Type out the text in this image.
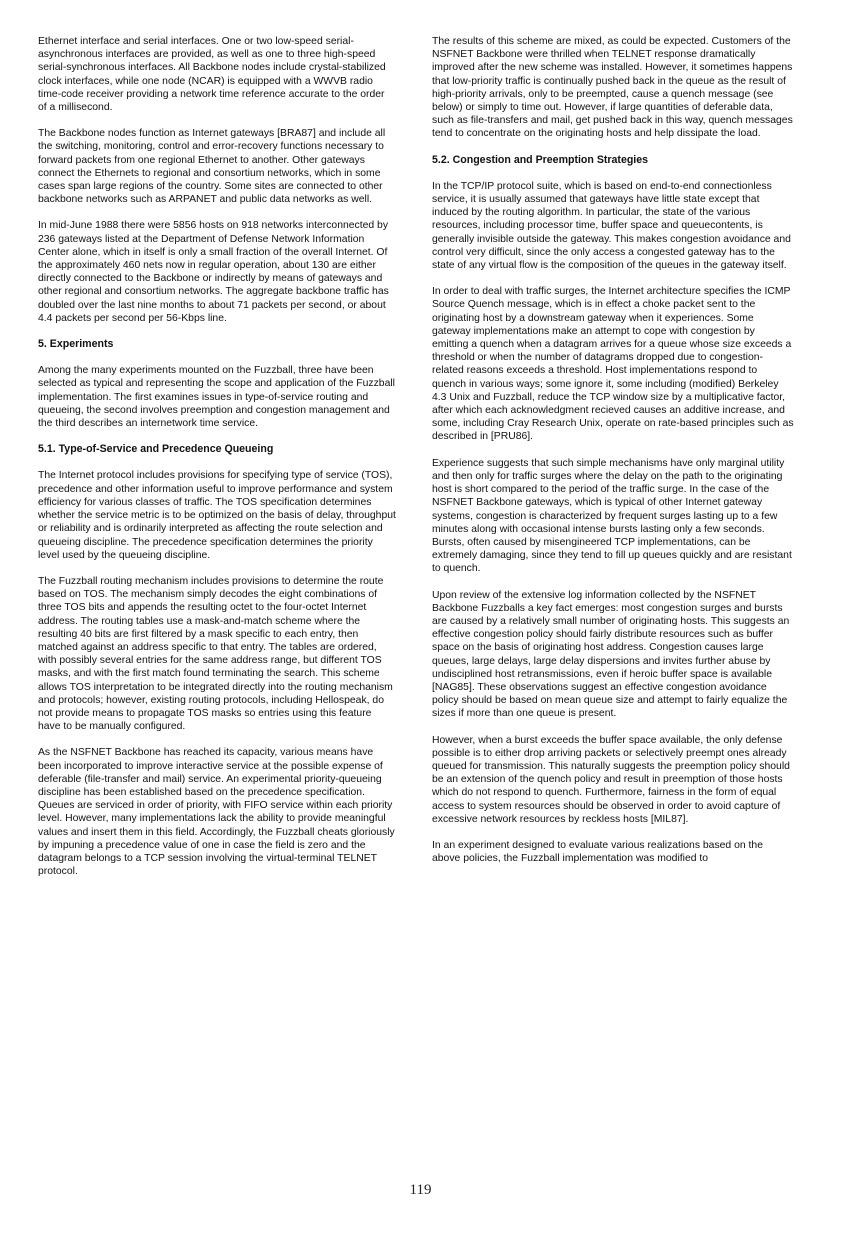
Ethernet interface and serial interfaces. One or two low-speed serial-asynchronous interfaces are provided, as well as one to three high-speed serial-synchronous interfaces. All Backbone nodes include crystal-stabilized clock interfaces, while one node (NCAR) is equipped with a WWVB radio time-code receiver providing a network time reference accurate to the order of a millisecond.

The Backbone nodes function as Internet gateways [BRA87] and include all the switching, monitoring, control and error-recovery functions necessary to forward packets from one regional Ethernet to another. Other gateways connect the Ethernets to regional and consortium networks, which in some cases span large regions of the country. Some sites are connected to other backbone networks such as ARPANET and public data networks as well.

In mid-June 1988 there were 5856 hosts on 918 networks interconnected by 236 gateways listed at the Department of Defense Network Information Center alone, which in itself is only a small fraction of the overall Internet. Of the approximately 460 nets now in regular operation, about 130 are either directly connected to the Backbone or indirectly by means of gateways and other regional and consortium networks. The aggregate backbone traffic has doubled over the last nine months to about 71 packets per second, or about 4.4 packets per second per 56-Kbps line.

5. Experiments

Among the many experiments mounted on the Fuzzball, three have been selected as typical and representing the scope and application of the Fuzzball implementation. The first examines issues in type-of-service routing and queueing, the second involves preemption and congestion management and the third describes an internetwork time service.

5.1. Type-of-Service and Precedence Queueing

The Internet protocol includes provisions for specifying type of service (TOS), precedence and other information useful to improve performance and system efficiency for various classes of traffic. The TOS specification determines whether the service metric is to be optimized on the basis of delay, throughput or reliability and is ordinarily interpreted as affecting the route selection and queueing discipline. The precedence specification determines the priority level used by the queueing discipline.

The Fuzzball routing mechanism includes provisions to determine the route based on TOS. The mechanism simply decodes the eight combinations of three TOS bits and appends the resulting octet to the four-octet Internet address. The routing tables use a mask-and-match scheme where the resulting 40 bits are first filtered by a mask specific to each entry, then matched against an address specific to that entry. The tables are ordered, with possibly several entries for the same address range, but different TOS masks, and with the first match found terminating the search. This scheme allows TOS interpretation to be integrated directly into the routing mechanism and protocols; however, existing routing protocols, including Hellospeak, do not provide means to propagate TOS masks so entries using this feature have to be manually configured.

As the NSFNET Backbone has reached its capacity, various means have been incorporated to improve interactive service at the possible expense of deferable (file-transfer and mail) service. An experimental priority-queueing discipline has been established based on the precedence specification. Queues are serviced in order of priority, with FIFO service within each priority level. However, many implementations lack the ability to provide meaningful values and insert them in this field. Accordingly, the Fuzzball cheats gloriously by impuning a precedence value of one in case the field is zero and the datagram belongs to a TCP session involving the virtual-terminal TELNET protocol.

The results of this scheme are mixed, as could be expected. Customers of the NSFNET Backbone were thrilled when TELNET response dramatically improved after the new scheme was installed. However, it sometimes happens that low-priority traffic is continually pushed back in the queue as the result of high-priority arrivals, only to be preempted, cause a quench message (see below) or simply to time out. However, if large quantities of deferable data, such as file-transfers and mail, get pushed back in this way, quench messages tend to concentrate on the originating hosts and help dissipate the load.

5.2. Congestion and Preemption Strategies

In the TCP/IP protocol suite, which is based on end-to-end connectionless service, it is usually assumed that gateways have little state except that induced by the routing algorithm. In particular, the state of the various resources, including processor time, buffer space and queuecontents, is generally invisible outside the gateway. This makes congestion avoidance and control very difficult, since the only access a congested gateway has to the state of any virtual flow is the composition of the queues in the gateway itself.

In order to deal with traffic surges, the Internet architecture specifies the ICMP Source Quench message, which is in effect a choke packet sent to the originating host by a downstream gateway when it experiences. Some gateway implementations make an attempt to cope with congestion by emitting a quench when a datagram arrives for a queue whose size exceeds a threshold or when the number of datagrams dropped due to congestion-related reasons exceeds a threshold. Host implementations respond to quench in various ways; some ignore it, some including (modified) Berkeley 4.3 Unix and Fuzzball, reduce the TCP window size by a multiplicative factor, after which each acknowledgment recieved causes an additive increase, and some, including Cray Research Unix, operate on rate-based principles such as described in [PRU86].

Experience suggests that such simple mechanisms have only marginal utility and then only for traffic surges where the delay on the path to the originating host is short compared to the period of the traffic surge. In the case of the NSFNET Backbone gateways, which is typical of other Internet gateway systems, congestion is characterized by frequent surges lasting up to a few minutes along with occasional intense bursts lasting only a few seconds. Bursts, often caused by misengineered TCP implementations, can be extremely damaging, since they tend to fill up queues quickly and are resistant to quench.

Upon review of the extensive log information collected by the NSFNET Backbone Fuzzballs a key fact emerges: most congestion surges and bursts are caused by a relatively small number of originating hosts. This suggests an effective congestion policy should fairly distribute resources such as buffer space on the basis of originating host address. Congestion causes large queues, large delays, large delay dispersions and invites further abuse by undisciplined host retransmissions, even if heroic buffer space is available [NAG85]. These observations suggest an effective congestion avoidance policy should be based on mean queue size and attempt to fairly equalize the sizes if more than one queue is present.

However, when a burst exceeds the buffer space available, the only defense possible is to either drop arriving packets or selectively preempt ones already queued for transmission. This naturally suggests the preemption policy should be an extension of the quench policy and result in preemption of those hosts which do not respond to quench. Furthermore, fairness in the form of equal access to system resources should be observed in order to avoid capture of excessive network resources by reckless hosts [MIL87].

In an experiment designed to evaluate various realizations based on the above policies, the Fuzzball implementation was modified to

119
